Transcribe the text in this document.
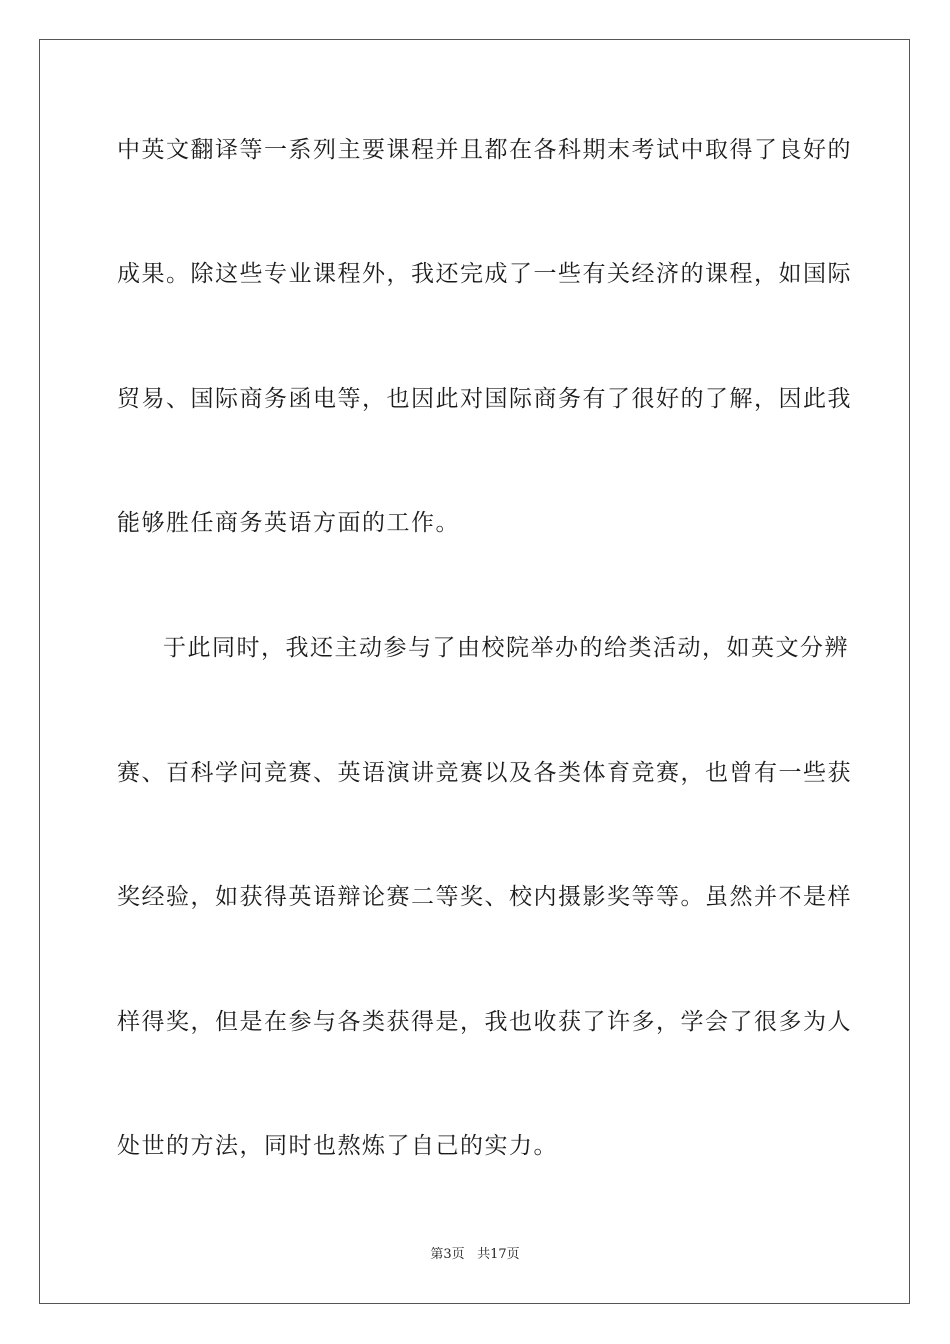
中英文翻译等一系列主要课程并且都在各科期末考试中取得了良好的
成果。除这些专业课程外，我还完成了一些有关经济的课程，如国际
贸易、国际商务函电等，也因此对国际商务有了很好的了解，因此我
能够胜任商务英语方面的工作。
于此同时，我还主动参与了由校院举办的给类活动，如英文分辨
赛、百科学问竞赛、英语演讲竞赛以及各类体育竞赛，也曾有一些获
奖经验，如获得英语辩论赛二等奖、校内摄影奖等等。虽然并不是样
样得奖，但是在参与各类获得是，我也收获了许多，学会了很多为人
处世的方法，同时也熬炼了自己的实力。
第3页 共17页
